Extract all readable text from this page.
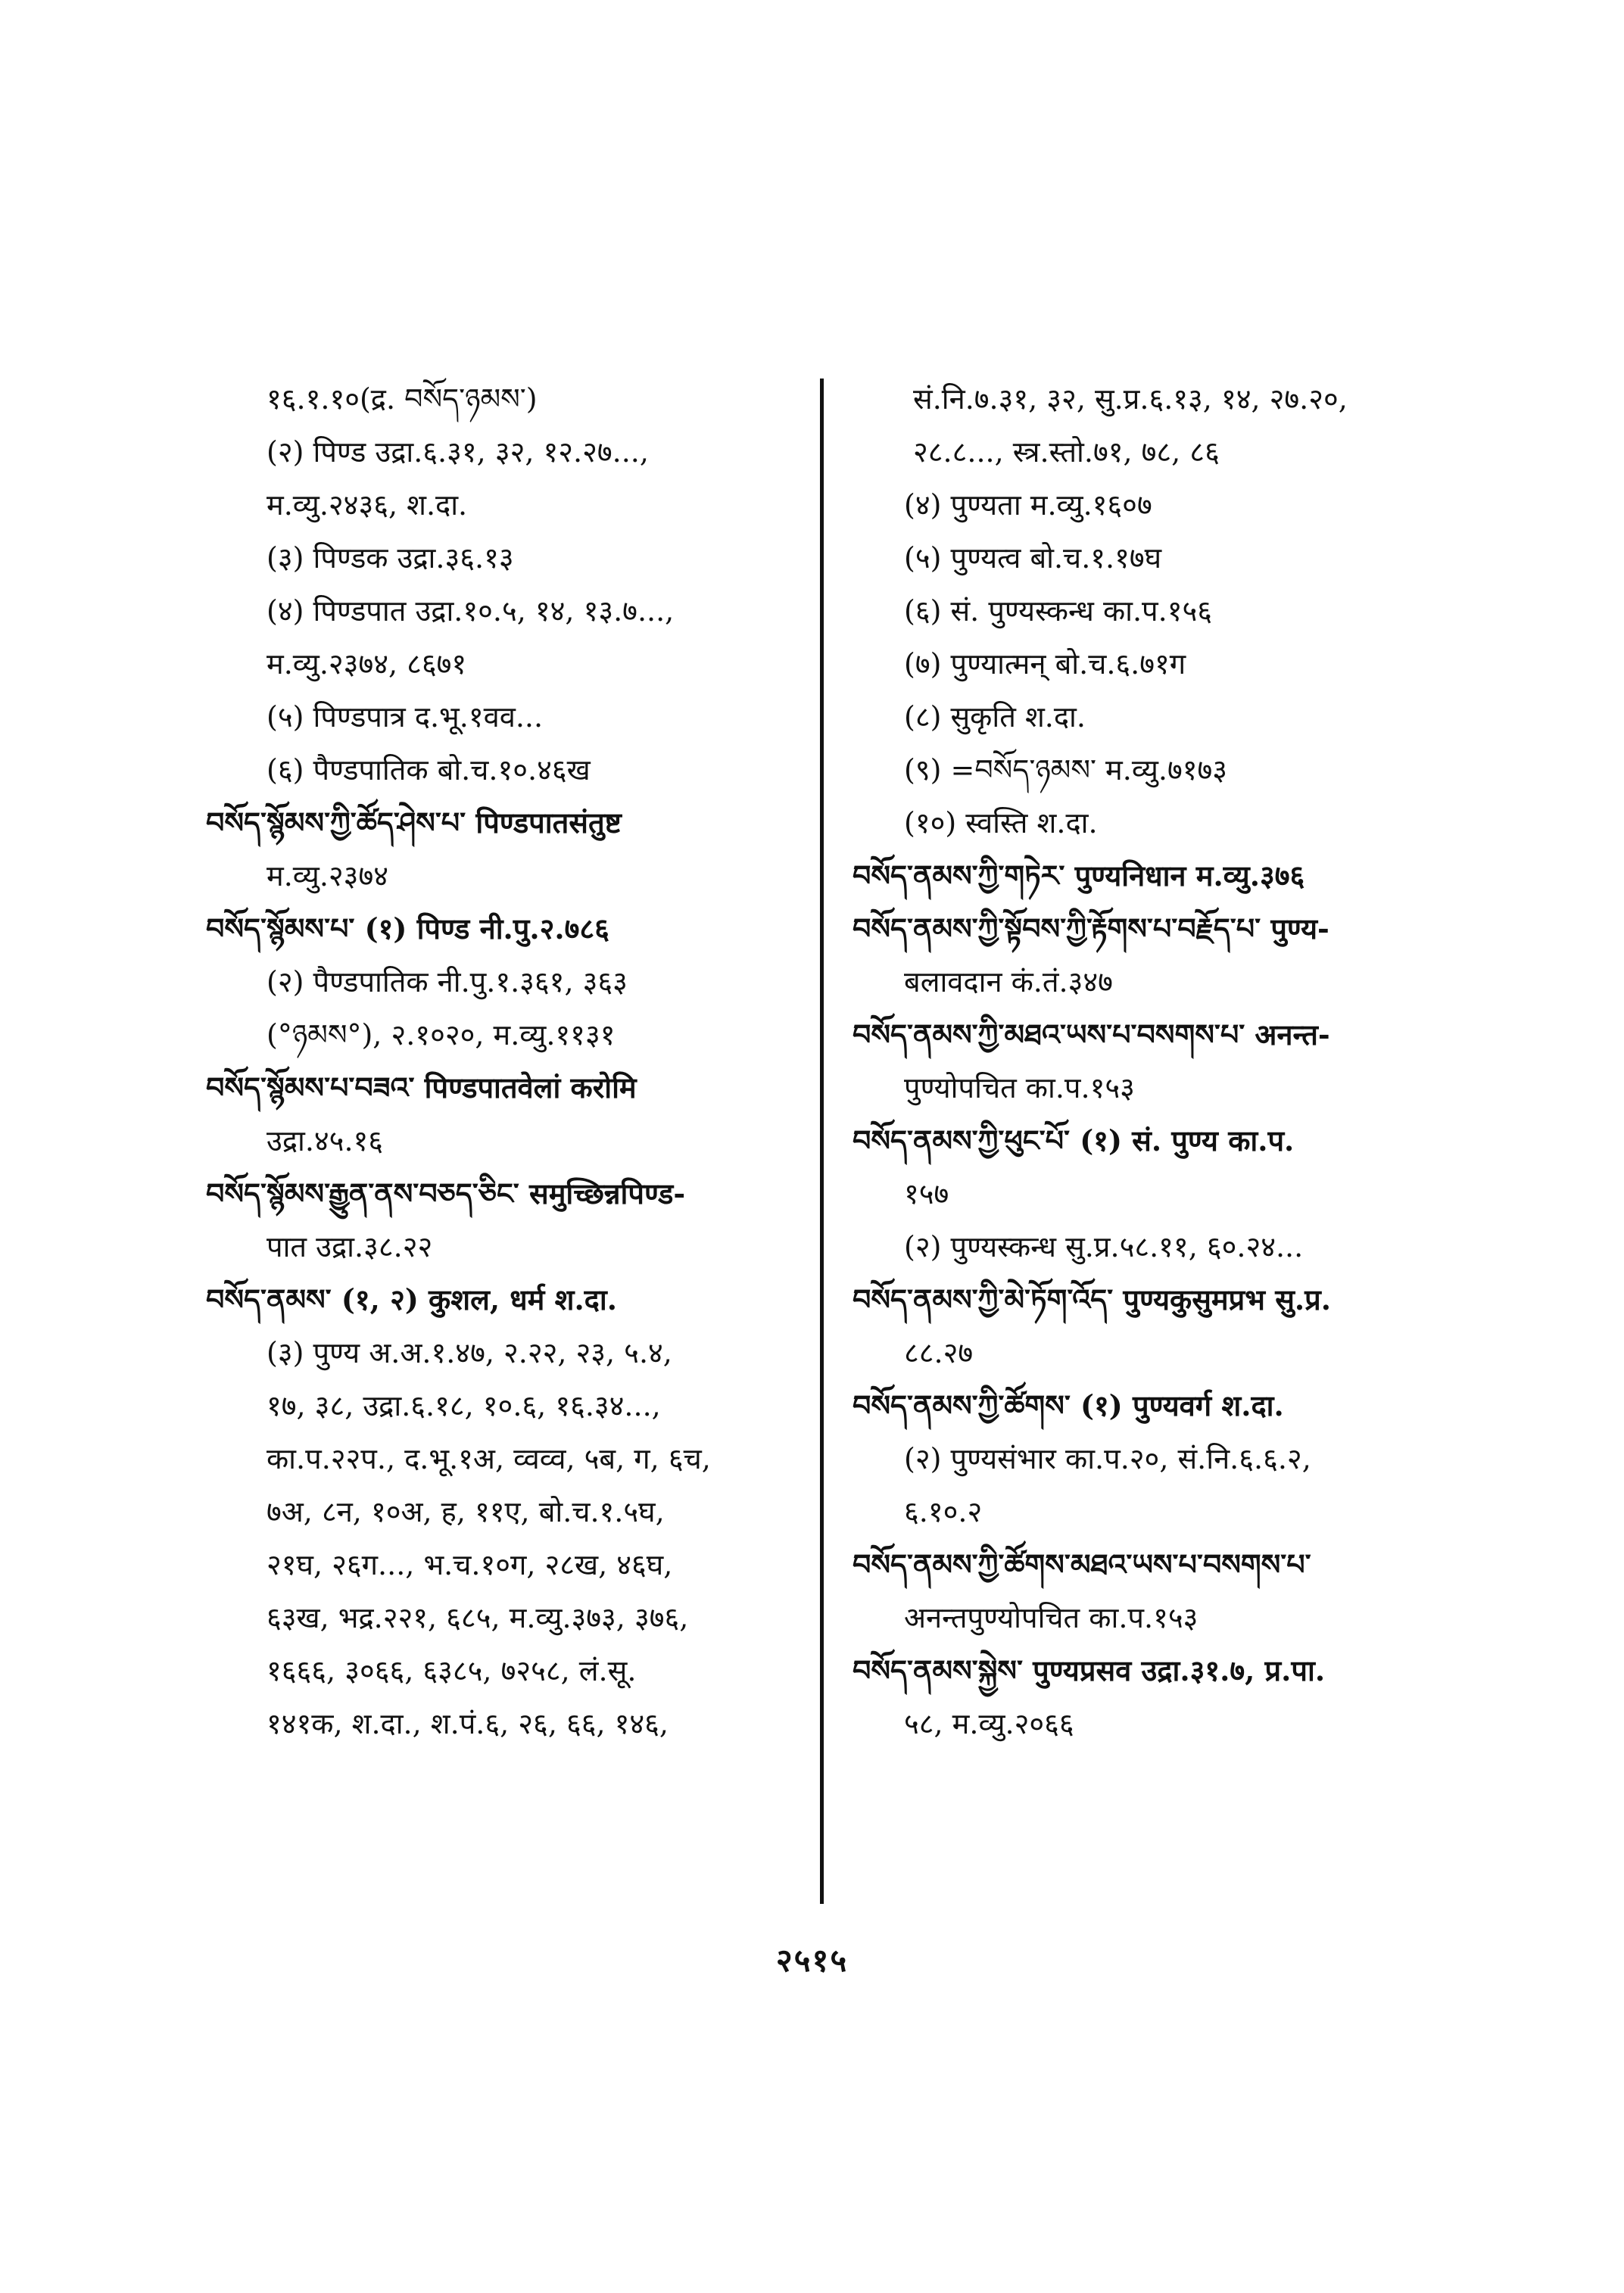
१६.१.१०(द्र. བསོད་ཉམས་)
(२) पिण्ड उद्रा.६.३१, ३२, १२.२७...,
म.व्यु.२४३६, श.दा.
(३) पिण्डक उद्रा.३६.१३
(४) पिण्डपात उद्रा.१०.५, १४, १३.७...,
म.व्यु.२३७४, ८६७१
(५) पिण्डपात्र द.भू.१वव...
(६) पैण्डपातिक बो.च.१०.४६ख
བསོད་སྙོམས་ཀྱི་ཚོད་ཤེས་པ་ पिण्डपातसंतुष्ट
म.व्यु.२३७४
བསོད་སྙོམས་པ་ (१) पिण्ड नी.पु.२.७८६
(२) पैण्डपातिक नी.पु.१.३६१, ३६३
(°ཉམས°), २.१०२०, म.व्यु.११३१
བསོད་སྙོམས་པ་བཟའ་ पिण्डपातवेलां करोमि
उद्रा.४५.१६
བསོད་སྙོམས་རྒྱུན་ནས་བཅད་ཅིང་ समुच्छिन्नपिण्ड-
पात उद्रा.३८.२२
བསོད་ནམས་ (१, २) कुशल, धर्म श.दा.
(३) पुण्य अ.अ.१.४७, २.२२, २३, ५.४,
१७, ३८, उद्रा.६.१८, १०.६, १६.३४...,
का.प.२२प., द.भू.१अ, व्वव्व, ५ब, ग, ६च,
७अ, ८न, १०अ, ह, ११ए, बो.च.१.५घ,
२१घ, २६ग..., भ.च.१०ग, २८ख, ४६घ,
६३ख, भद्र.२२१, ६८५, म.व्यु.३७३, ३७६,
१६६६, ३०६६, ६३८५, ७२५८, लं.सू.
१४१क, श.दा., श.पं.६, २६, ६६, १४६,
सं.नि.७.३१, ३२, सु.प्र.६.१३, १४, २७.२०,
२८.८..., स्त्र.स्तो.७१, ७८, ८६
(४) पुण्यता म.व्यु.१६०७
(५) पुण्यत्व बो.च.१.१७घ
(६) सं. पुण्यस्कन्ध का.प.१५६
(७) पुण्यात्मन् बो.च.६.७१ग
(८) सुकृति श.दा.
(९) =བསོད་ཉམས་ म.व्यु.७१७३
(१०) स्वस्ति श.दा.
བསོད་ནམས་ཀྱི་གཏེར་ पुण्यनिधान म.व्यु.३७६
བསོད་ནམས་ཀྱི་སྟོབས་ཀྱི་རྟོགས་པ་བརྗོད་པ་ पुण्य-
बलावदान कं.तं.३४७
བསོད་ནམས་ཀྱི་མཐའ་ཡས་པ་བསགས་པ་ अनन्त-
पुण्योपचित का.प.१५३
བསོད་ནམས་ཀྱི་ཕུང་པོ་ (१) सं. पुण्य का.प.
१५७
(२) पुण्यस्कन्ध सु.प्र.५८.११, ६०.२४...
བསོད་ནམས་ཀྱི་མེ་ཏོག་འོད་ पुण्यकुसुमप्रभ सु.प्र.
८८.२७
བསོད་ནམས་ཀྱི་ཚོགས་ (१) पुण्यवर्ग श.दा.
(२) पुण्यसंभार का.प.२०, सं.नि.६.६.२,
६.१०.२
བསོད་ནམས་ཀྱི་ཚོགས་མཐའ་ཡས་པ་བསགས་པ་
अनन्तपुण्योपचित का.प.१५३
བསོད་ནམས་སྐྱེས་ पुण्यप्रसव उद्रा.३१.७, प्र.पा.
५८, म.व्यु.२०६६
२५१५
